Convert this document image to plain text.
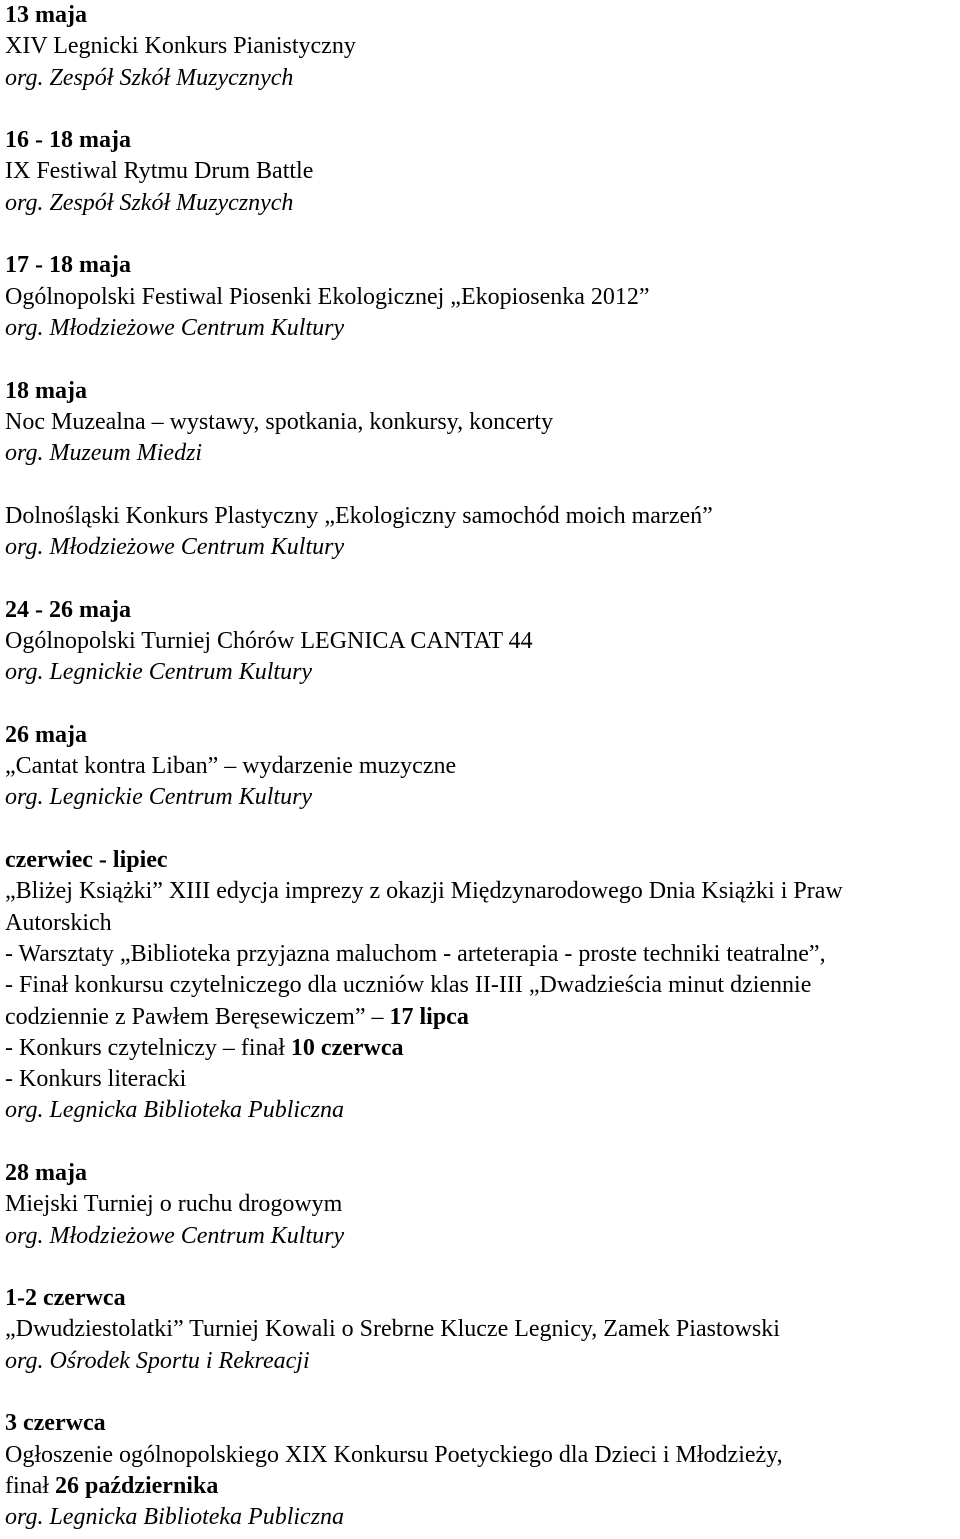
13 maja
XIV Legnicki Konkurs Pianistyczny
org. Zespół Szkół Muzycznych
16 - 18 maja
IX Festiwal Rytmu Drum Battle
org. Zespół Szkół Muzycznych
17 - 18 maja
Ogólnopolski Festiwal Piosenki Ekologicznej „Ekopiosenka 2012”
org. Młodzieżowe Centrum Kultury
18 maja
Noc Muzealna – wystawy, spotkania, konkursy, koncerty
org. Muzeum Miedzi
Dolnośląski Konkurs Plastyczny „Ekologiczny samochód moich marzeń”
org. Młodzieżowe Centrum Kultury
24 - 26 maja
Ogólnopolski Turniej Chórów LEGNICA CANTAT 44
org. Legnickie Centrum Kultury
26 maja
„Cantat kontra Liban” – wydarzenie muzyczne
org. Legnickie Centrum Kultury
czerwiec - lipiec
„Bliżej Książki” XIII edycja imprezy z okazji Międzynarodowego Dnia Książki i Praw
Autorskich
- Warsztaty „Biblioteka przyjazna maluchom - arteterapia - proste techniki teatralne”,
- Finał konkursu czytelniczego dla uczniów klas II-III „Dwadzieścia minut dziennie
codziennie z Pawłem Beręsewiczem” – 17 lipca
- Konkurs czytelniczy – finał 10 czerwca
- Konkurs literacki
org. Legnicka Biblioteka Publiczna
28 maja
Miejski Turniej o ruchu drogowym
org. Młodzieżowe Centrum Kultury
1-2 czerwca
„Dwudziestolatki” Turniej Kowali o Srebrne Klucze Legnicy, Zamek Piastowski
org. Ośrodek Sportu i Rekreacji
3 czerwca
Ogłoszenie ogólnopolskiego XIX Konkursu Poetyckiego dla Dzieci i Młodzieży,
finał 26 października
org. Legnicka Biblioteka Publiczna
